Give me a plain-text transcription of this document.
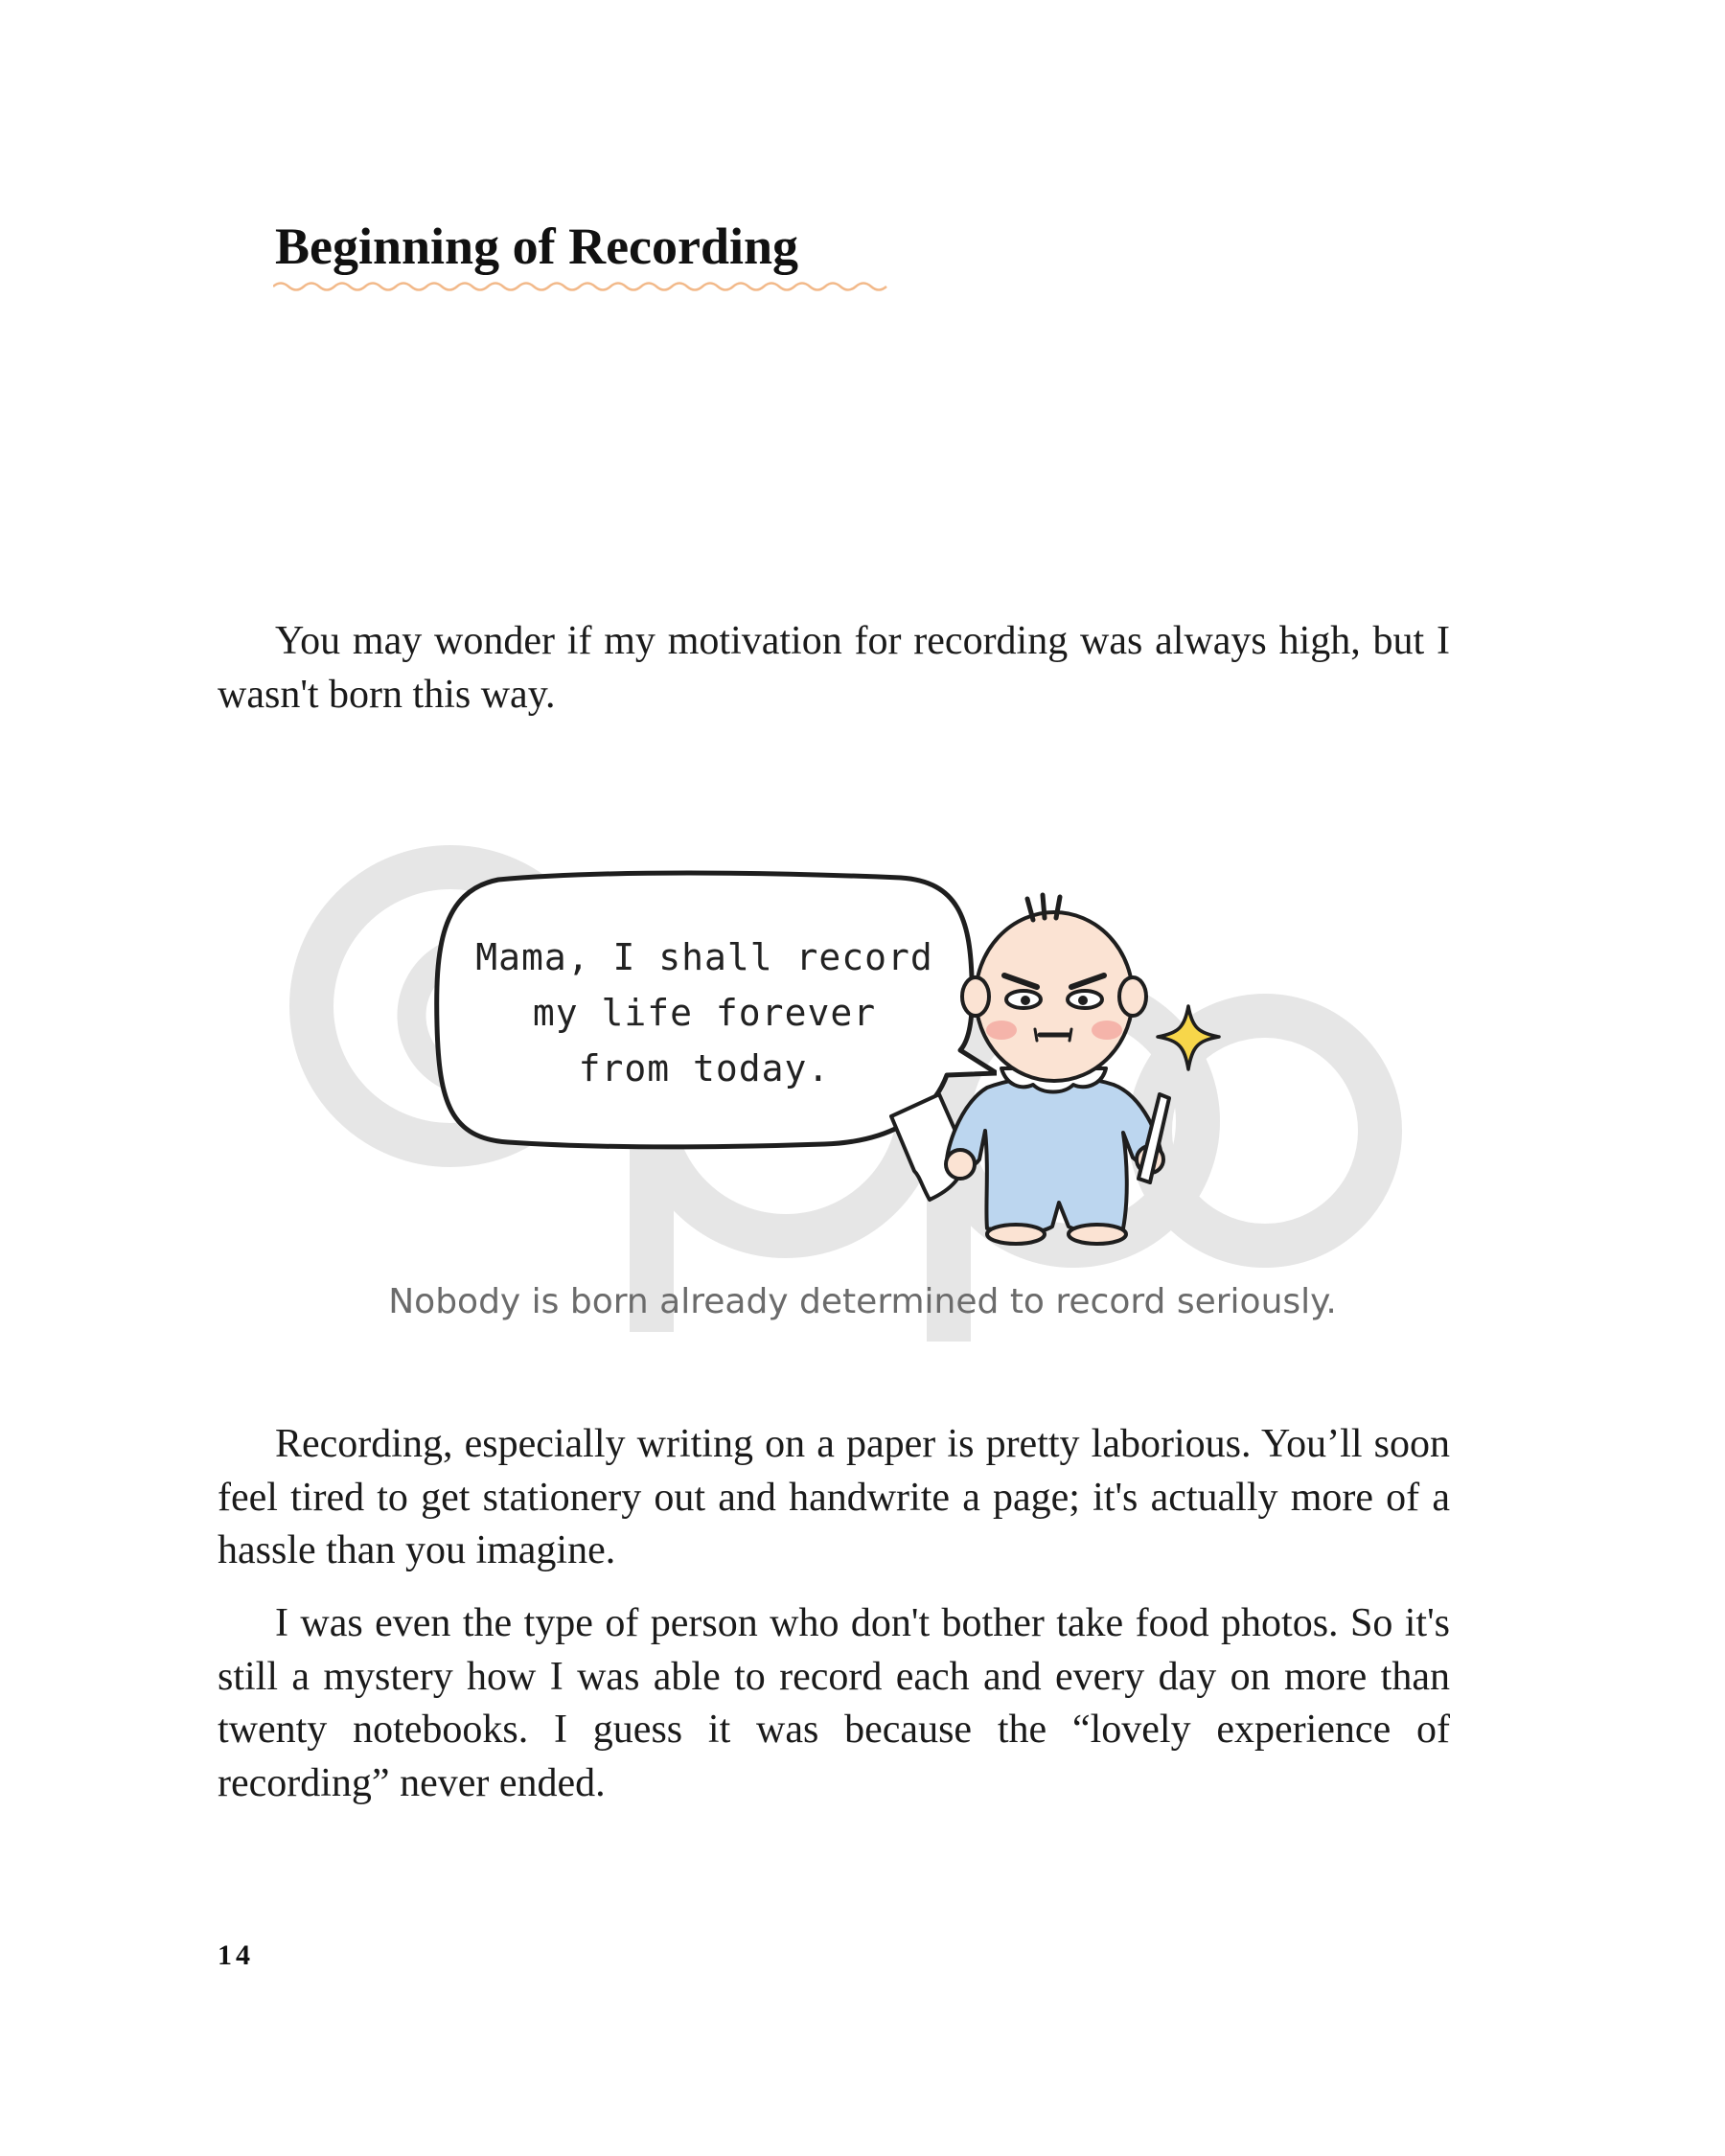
Beginning of Recording

You may wonder if my motivation for recording was always high, but I wasn't born this way.

Mama, I shall record
my life forever
from today.
Nobody is born already determined to record seriously.

Recording, especially writing on a paper is pretty laborious. You’ll soon feel tired to get stationery out and handwrite a page; it's actually more of a hassle than you imagine.

I was even the type of person who don't bother take food photos. So it's still a mystery how I was able to record each and every day on more than twenty notebooks. I guess it was because the “lovely experience of recording” never ended.

14
